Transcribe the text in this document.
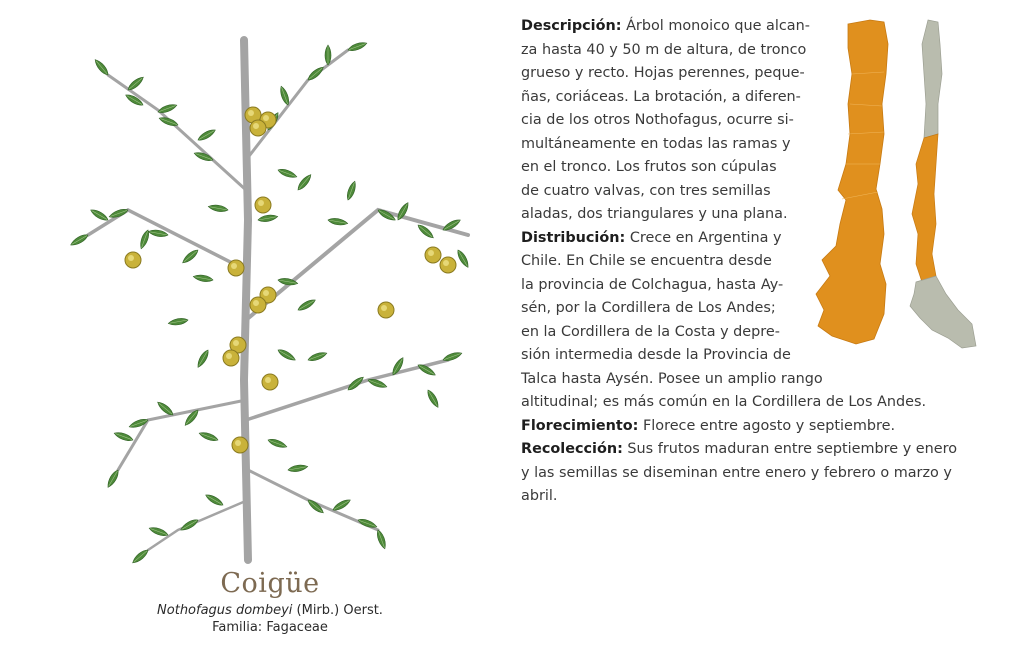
Coigüe
Nothofagus dombeyi (Mirb.) Oerst.
Familia: Fagaceae
Descripción: Árbol monoico que alcan-
za hasta 40 y 50 m de altura, de tronco
grueso y recto. Hojas perennes, peque-
ñas, coriáceas. La brotación, a diferen-
cia de los otros Nothofagus, ocurre si-
multáneamente en todas las ramas y
en el tronco. Los frutos son cúpulas
de cuatro valvas, con tres semillas
aladas, dos triangulares y una plana.
Distribución: Crece en Argentina y
Chile. En Chile se encuentra desde
la provincia de Colchagua, hasta Ay-
sén, por la Cordillera de Los Andes;
en la Cordillera de la Costa y depre-
sión intermedia desde la Provincia de
Talca hasta Aysén. Posee un amplio rango
altitudinal; es más común en la Cordillera de Los Andes.
Florecimiento: Florece entre agosto y septiembre.
Recolección: Sus frutos maduran entre septiembre y enero
y las semillas se diseminan entre enero y febrero o marzo y
abril.
